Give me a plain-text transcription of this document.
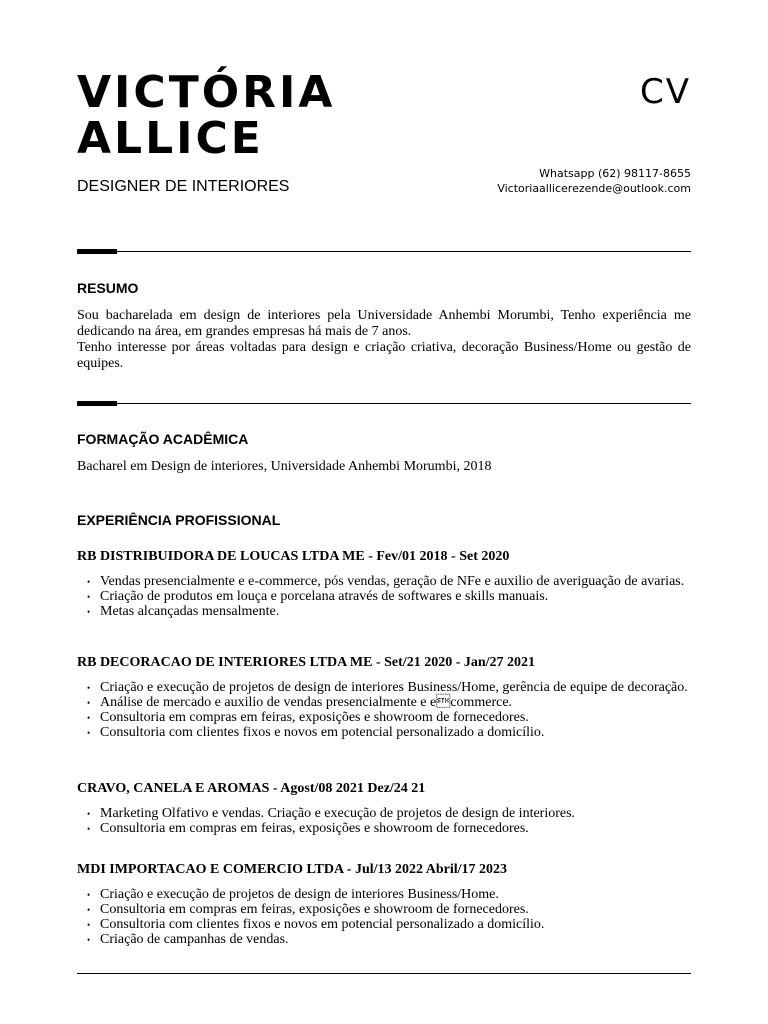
VICTÓRIA
ALLICE
DESIGNER DE INTERIORES
CV
Whatsapp (62) 98117-8655
Victoriaallicerezende@outlook.com
RESUMO

Sou bacharelada em design de interiores pela Universidade Anhembi Morumbi, Tenho experiência me dedicando na área, em grandes empresas há mais de 7 anos.

Tenho interesse por áreas voltadas para design e criação criativa, decoração Business/Home ou gestão de equipes.

FORMAÇÃO ACADÊMICA
Bacharel em Design de interiores, Universidade Anhembi Morumbi, 2018
EXPERIÊNCIA PROFISSIONAL
RB DISTRIBUIDORA DE LOUCAS LTDA ME - Fev/01 2018 - Set 2020
• Vendas presencialmente e e-commerce, pós vendas, geração de NFe e auxilio de averiguação de avarias.
• Criação de produtos em louça e porcelana através de softwares e skills manuais.
• Metas alcançadas mensalmente.
RB DECORACAO DE INTERIORES LTDA ME - Set/21 2020 - Jan/27 2021
• Criação e execução de projetos de design de interiores Business/Home, gerência de equipe de decoração.
• Análise de mercado e auxilio de vendas presencialmente e ecommerce.
• Consultoria em compras em feiras, exposições e showroom de fornecedores.
• Consultoria com clientes fixos e novos em potencial personalizado a domicílio.
CRAVO, CANELA E AROMAS - Agost/08 2021 Dez/24 21
• Marketing Olfativo e vendas. Criação e execução de projetos de design de interiores.
• Consultoria em compras em feiras, exposições e showroom de fornecedores.
MDI IMPORTACAO E COMERCIO LTDA - Jul/13 2022 Abril/17 2023
• Criação e execução de projetos de design de interiores Business/Home.
• Consultoria em compras em feiras, exposições e showroom de fornecedores.
• Consultoria com clientes fixos e novos em potencial personalizado a domicílio.
• Criação de campanhas de vendas.
